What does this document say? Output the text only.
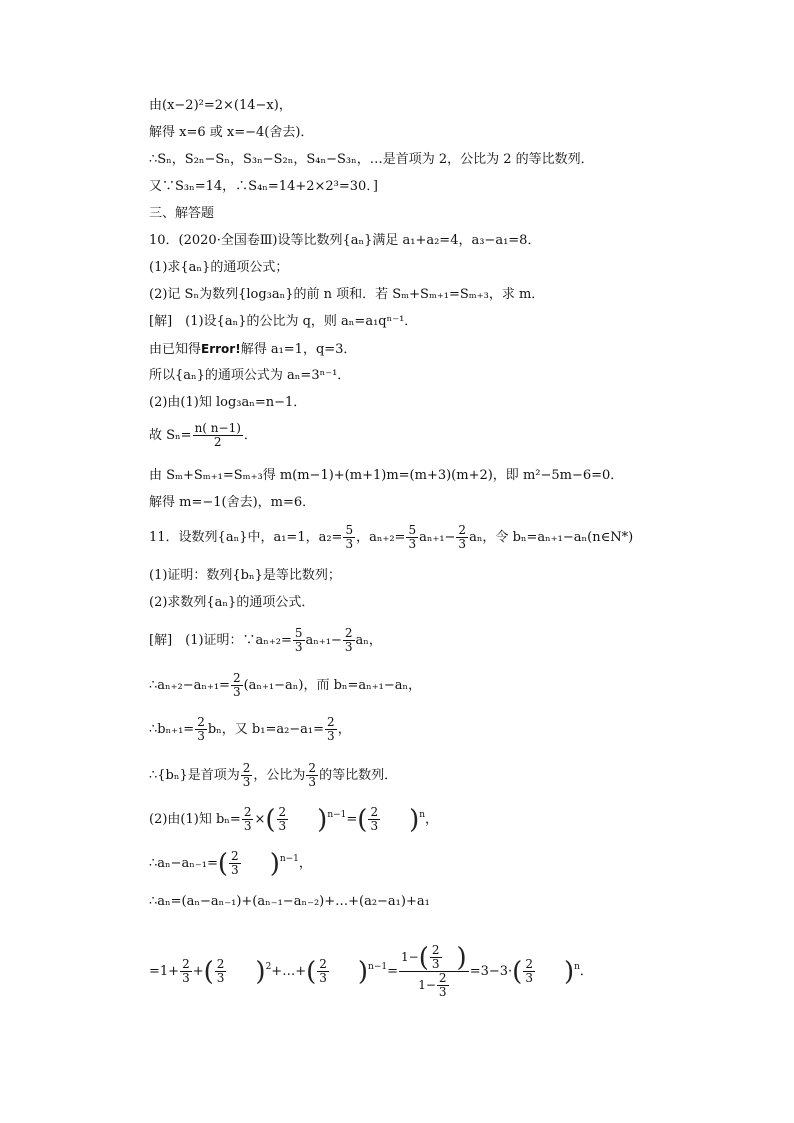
由(x−2)²=2×(14−x)，
解得 x=6 或 x=−4(舍去)．
∴Sₙ，S₂ₙ−Sₙ，S₃ₙ−S₂ₙ，S₄ₙ−S₃ₙ，…是首项为 2，公比为 2 的等比数列．
又∵S₃ₙ=14，∴S₄ₙ=14+2×2³=30．]
三、解答题
10．(2020·全国卷Ⅲ)设等比数列{aₙ}满足 a₁+a₂=4，a₃−a₁=8．
(1)求{aₙ}的通项公式；
(2)记 Sₙ为数列{log₃aₙ}的前 n 项和．若 Sₘ+Sₘ₊₁=Sₘ₊₃，求 m．
[解]　(1)设{aₙ}的公比为 q，则 aₙ=a₁qⁿ⁻¹．
由已知得Error!解得 a₁=1，q=3．
所以{aₙ}的通项公式为 aₙ=3ⁿ⁻¹．
(2)由(1)知 log₃aₙ=n−1．
故 $S_n= \frac{n( n-1)}{2}$ ．
由 Sₘ+Sₘ₊₁=Sₘ₊₃得 m(m−1)+(m+1)m=(m+3)(m+2)，即 m²−5m−6=0．
解得 m=−1(舍去)，m=6．
11．设数列{aₙ}中，a₁=1，$a_2= \frac{5}{3}$ ，$a_{n+2}= \frac{5}{3} a_{n+1}- \frac{2}{3}$ aₙ，令 bₙ=aₙ₊₁−aₙ(n∈N*)
(1)证明：数列{bₙ}是等比数列；
(2)求数列{aₙ}的通项公式．
[解]　(1)证明：∵aₙ₊₂= $\frac{5}{3} a_{n+1}- \frac{2}{3}$ aₙ，
∴aₙ₊₂−aₙ₊₁= $\frac{2}{3} (a_{n+1}-a_n)$，而 bₙ=aₙ₊₁−aₙ，
∴bₙ₊₁= $\frac{2}{3}$ bₙ，又 $b_1=a_2-a_1= \frac{2}{3}$ ，
∴{bₙ}是首项为 $\frac{2}{3}$ ，公比为 $\frac{2}{3}$ 的等比数列．
(2)由(1)知 $b_n= \frac{2}{3}$ ×( $\frac{2}{3} )^{n-1}=( \frac{2}{3} )^n$，
∴aₙ−aₙ₋₁=( $\frac{2}{3} )^{n-1}$，
∴aₙ=(aₙ−aₙ₋₁)+(aₙ₋₁−aₙ₋₂)+…+(a₂−a₁)+a₁
$=1+ \frac{2}{3}$ +( $\frac{2}{3}$ )$^2$+…+( $\frac{2}{3} )^{n-1}= \frac{1-( \frac{2}{3} )}{1- \frac{2}{3}} =3-3\cdot( \frac{2}{3} )^n$．
